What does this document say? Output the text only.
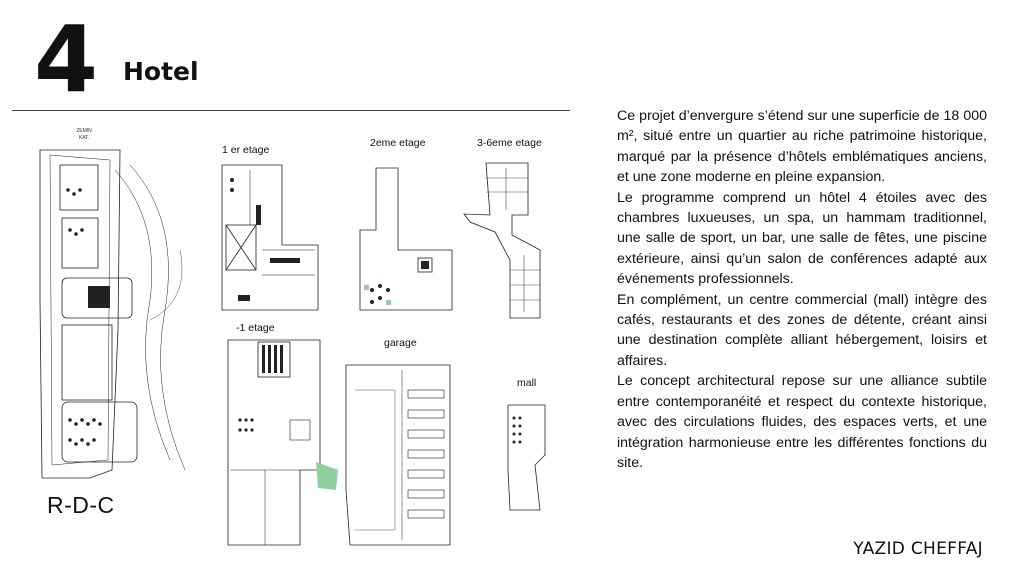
4 Hotel
ZEMIN
KAT.
1 er etage
2eme etage	3-6eme etage
-1 etage
garage
mall
R-D-C

Ce projet d’envergure s’étend sur une superficie de 18 000 m², situé entre un quartier au riche patrimoine historique, marqué par la présence d’hôtels emblématiques anciens, et une zone moderne en pleine expansion.

Le programme comprend un hôtel 4 étoiles avec des chambres luxueuses, un spa, un hammam traditionnel, une salle de sport, un bar, une salle de fêtes, une piscine extérieure, ainsi qu’un salon de conférences adapté aux événements professionnels.

En complément, un centre commercial (mall) intègre des cafés, restaurants et des zones de détente, créant ainsi une destination complète alliant hébergement, loisirs et affaires.

Le concept architectural repose sur une alliance subtile entre contemporanéité et respect du contexte historique, avec des circulations fluides, des espaces verts, et une intégration harmonieuse entre les différentes fonctions du site.

YAZID CHEFFAJ
